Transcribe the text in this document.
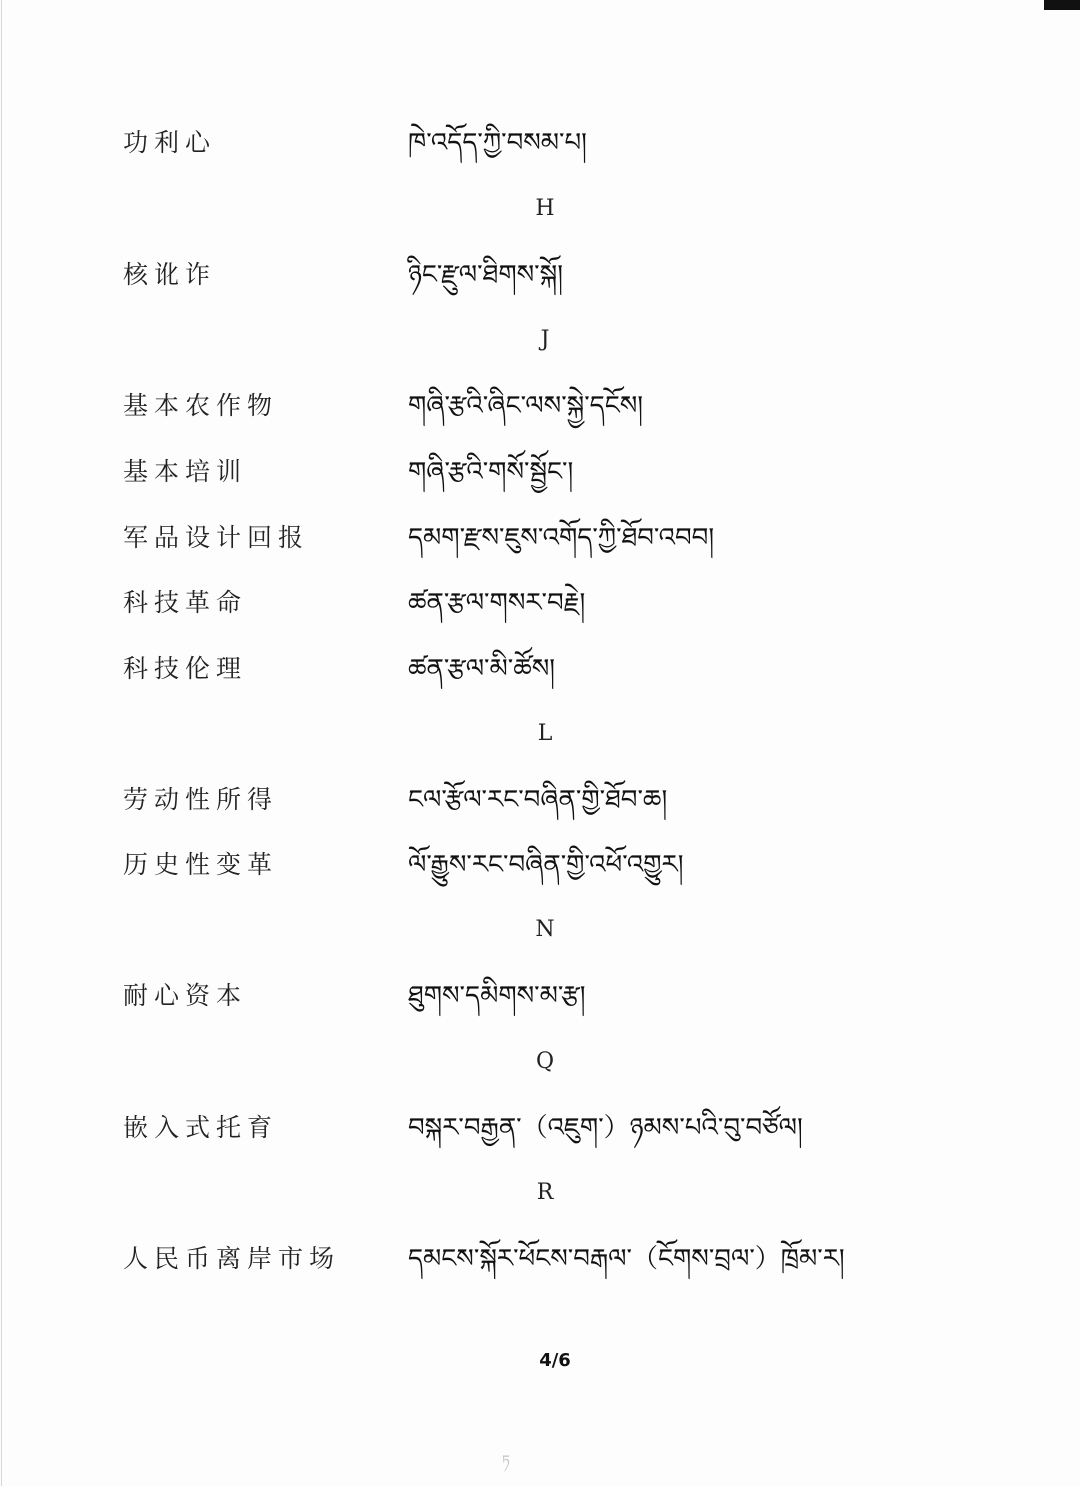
功利心	ཁེ་འདོད་ཀྱི་བསམ་པ།
H
核讹诈	ཉིང་རྫུལ་ཐིགས་སྐོ།
J
基本农作物	གཞི་རྩའི་ཞིང་ལས་སྐྱེ་དངོས།
基本培训	གཞི་རྩའི་གསོ་སྦྱོང་།
军品设计回报	དམག་རྫས་ཇུས་འགོད་ཀྱི་ཐོབ་འབབ།
科技革命	ཚན་རྩལ་གསར་བརྗེ།
科技伦理	ཚན་རྩལ་མི་ཚོས།
L
劳动性所得	ངལ་རྩོལ་རང་བཞིན་གྱི་ཐོབ་ཆ།
历史性变革	ལོ་རྒྱུས་རང་བཞིན་གྱི་འཕོ་འགྱུར།
N
耐心资本	ཐུགས་དམིགས་མ་རྩ།
Q
嵌入式托育	བསྐར་བརྒྱན་（འཇུག་）ཉམས་པའི་བུ་བཙོལ།
R
人民币离岸市场	དམངས་སྐོར་ཕོངས་བརྒལ་（ངོགས་བྲལ་）ཁྲོམ་ར།
4/6
ཏ
